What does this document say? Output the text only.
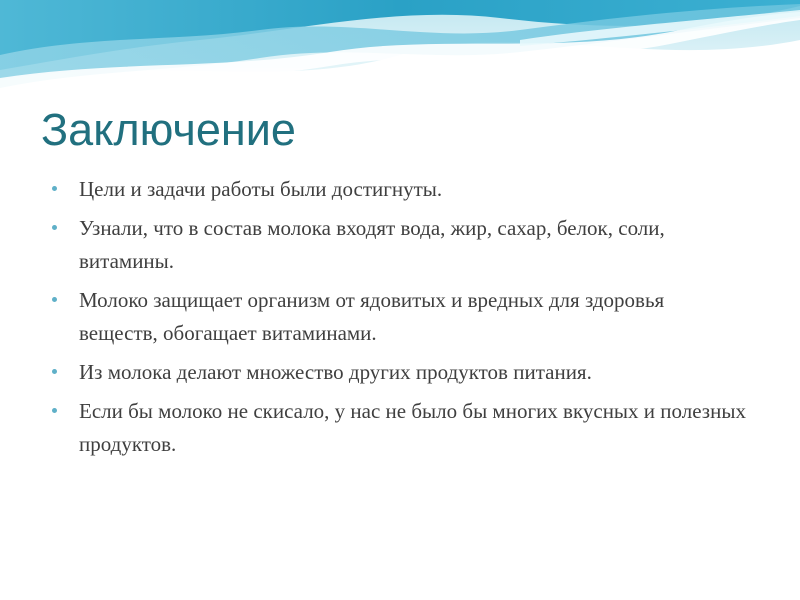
Заключение
Цели и задачи работы были достигнуты.
Узнали, что в состав молока входят вода, жир, сахар, белок, соли, витамины.
Молоко защищает организм от ядовитых и вредных для здоровья веществ, обогащает витаминами.
Из молока делают множество других продуктов питания.
Если бы молоко не скисало, у нас не было бы многих вкусных и полезных продуктов.
